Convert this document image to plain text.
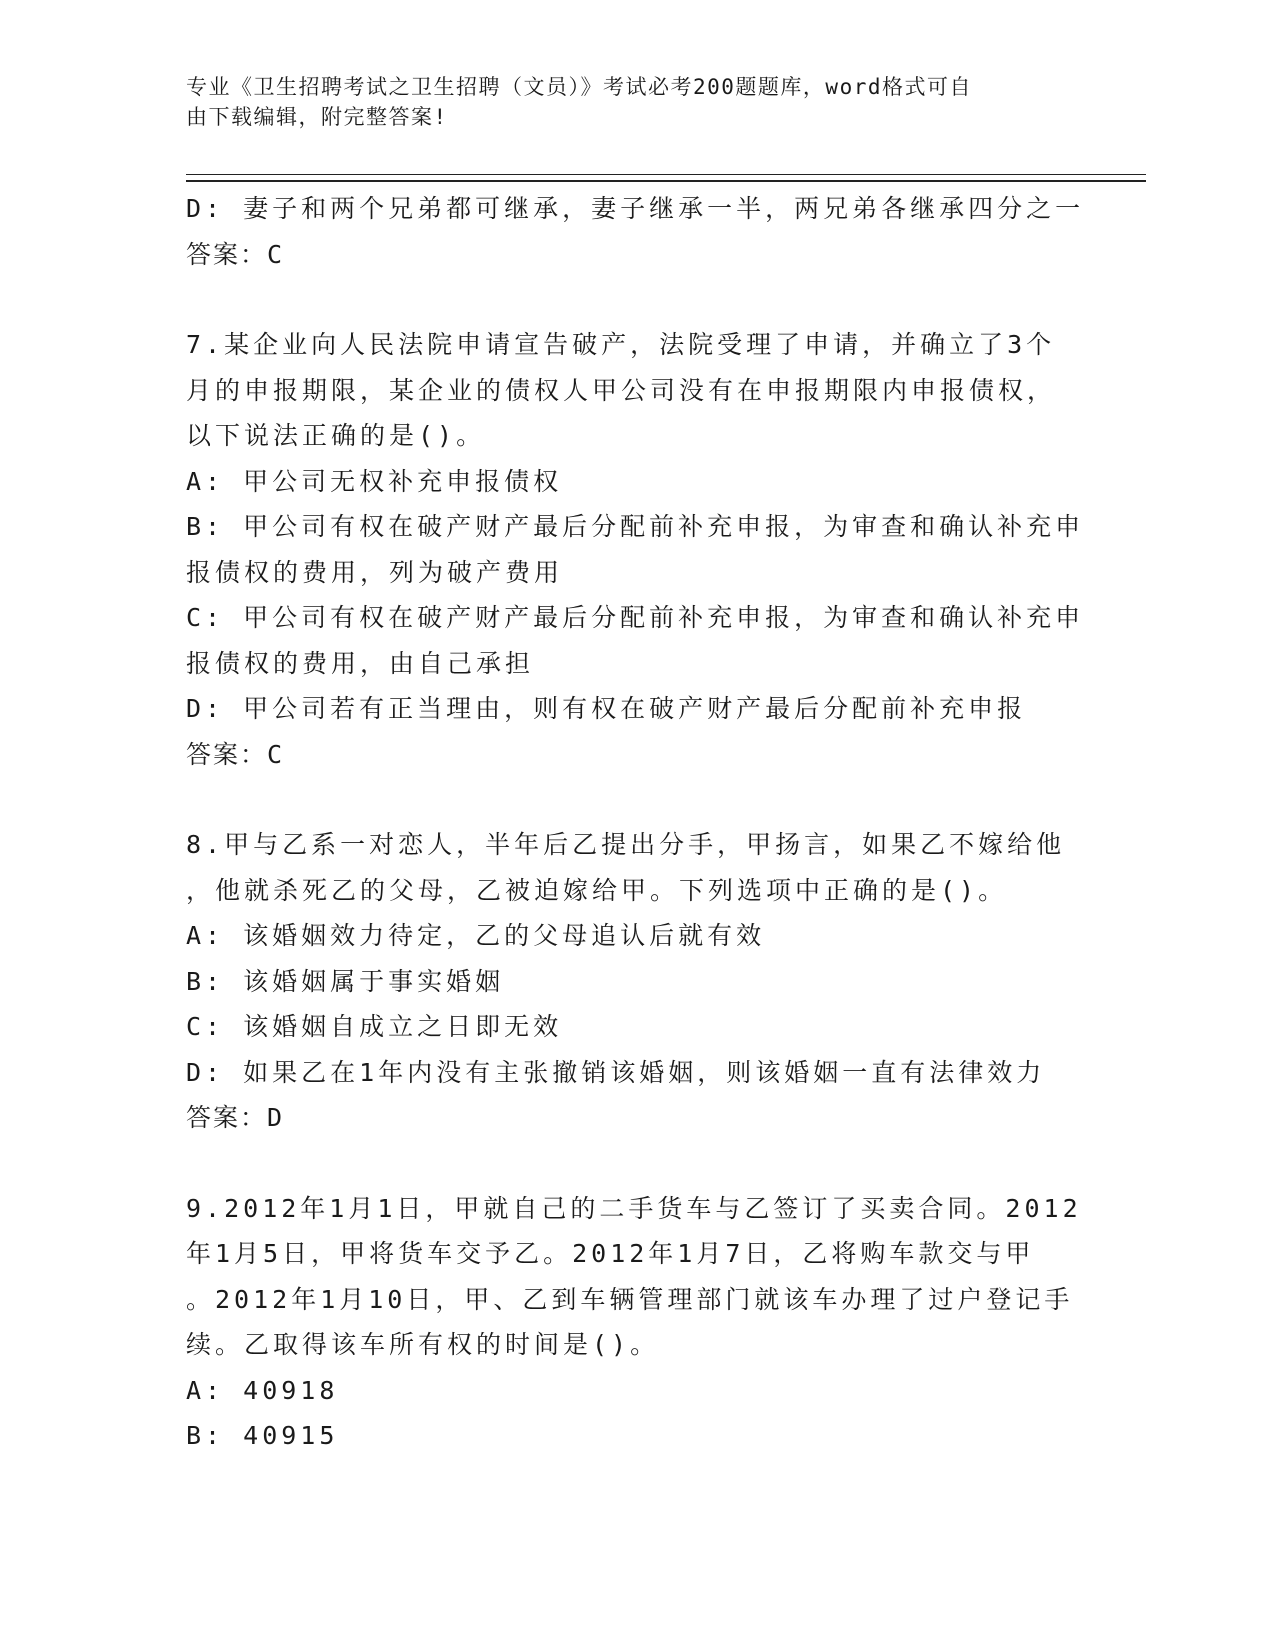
专业《卫生招聘考试之卫生招聘（文员）》考试必考200题题库，word格式可自
由下载编辑，附完整答案!
D: 妻子和两个兄弟都可继承，妻子继承一半，两兄弟各继承四分之一
答案：C
7.某企业向人民法院申请宣告破产，法院受理了申请，并确立了3个
月的申报期限，某企业的债权人甲公司没有在申报期限内申报债权，
以下说法正确的是()。
A: 甲公司无权补充申报债权
B: 甲公司有权在破产财产最后分配前补充申报，为审查和确认补充申
报债权的费用，列为破产费用
C: 甲公司有权在破产财产最后分配前补充申报，为审查和确认补充申
报债权的费用，由自己承担
D: 甲公司若有正当理由，则有权在破产财产最后分配前补充申报
答案：C
8.甲与乙系一对恋人，半年后乙提出分手，甲扬言，如果乙不嫁给他
，他就杀死乙的父母，乙被迫嫁给甲。下列选项中正确的是()。
A: 该婚姻效力待定，乙的父母追认后就有效
B: 该婚姻属于事实婚姻
C: 该婚姻自成立之日即无效
D: 如果乙在1年内没有主张撤销该婚姻，则该婚姻一直有法律效力
答案：D
9.2012年1月1日，甲就自己的二手货车与乙签订了买卖合同。2012
年1月5日，甲将货车交予乙。2012年1月7日，乙将购车款交与甲
。2012年1月10日，甲、乙到车辆管理部门就该车办理了过户登记手
续。乙取得该车所有权的时间是()。
A: 40918
B: 40915
